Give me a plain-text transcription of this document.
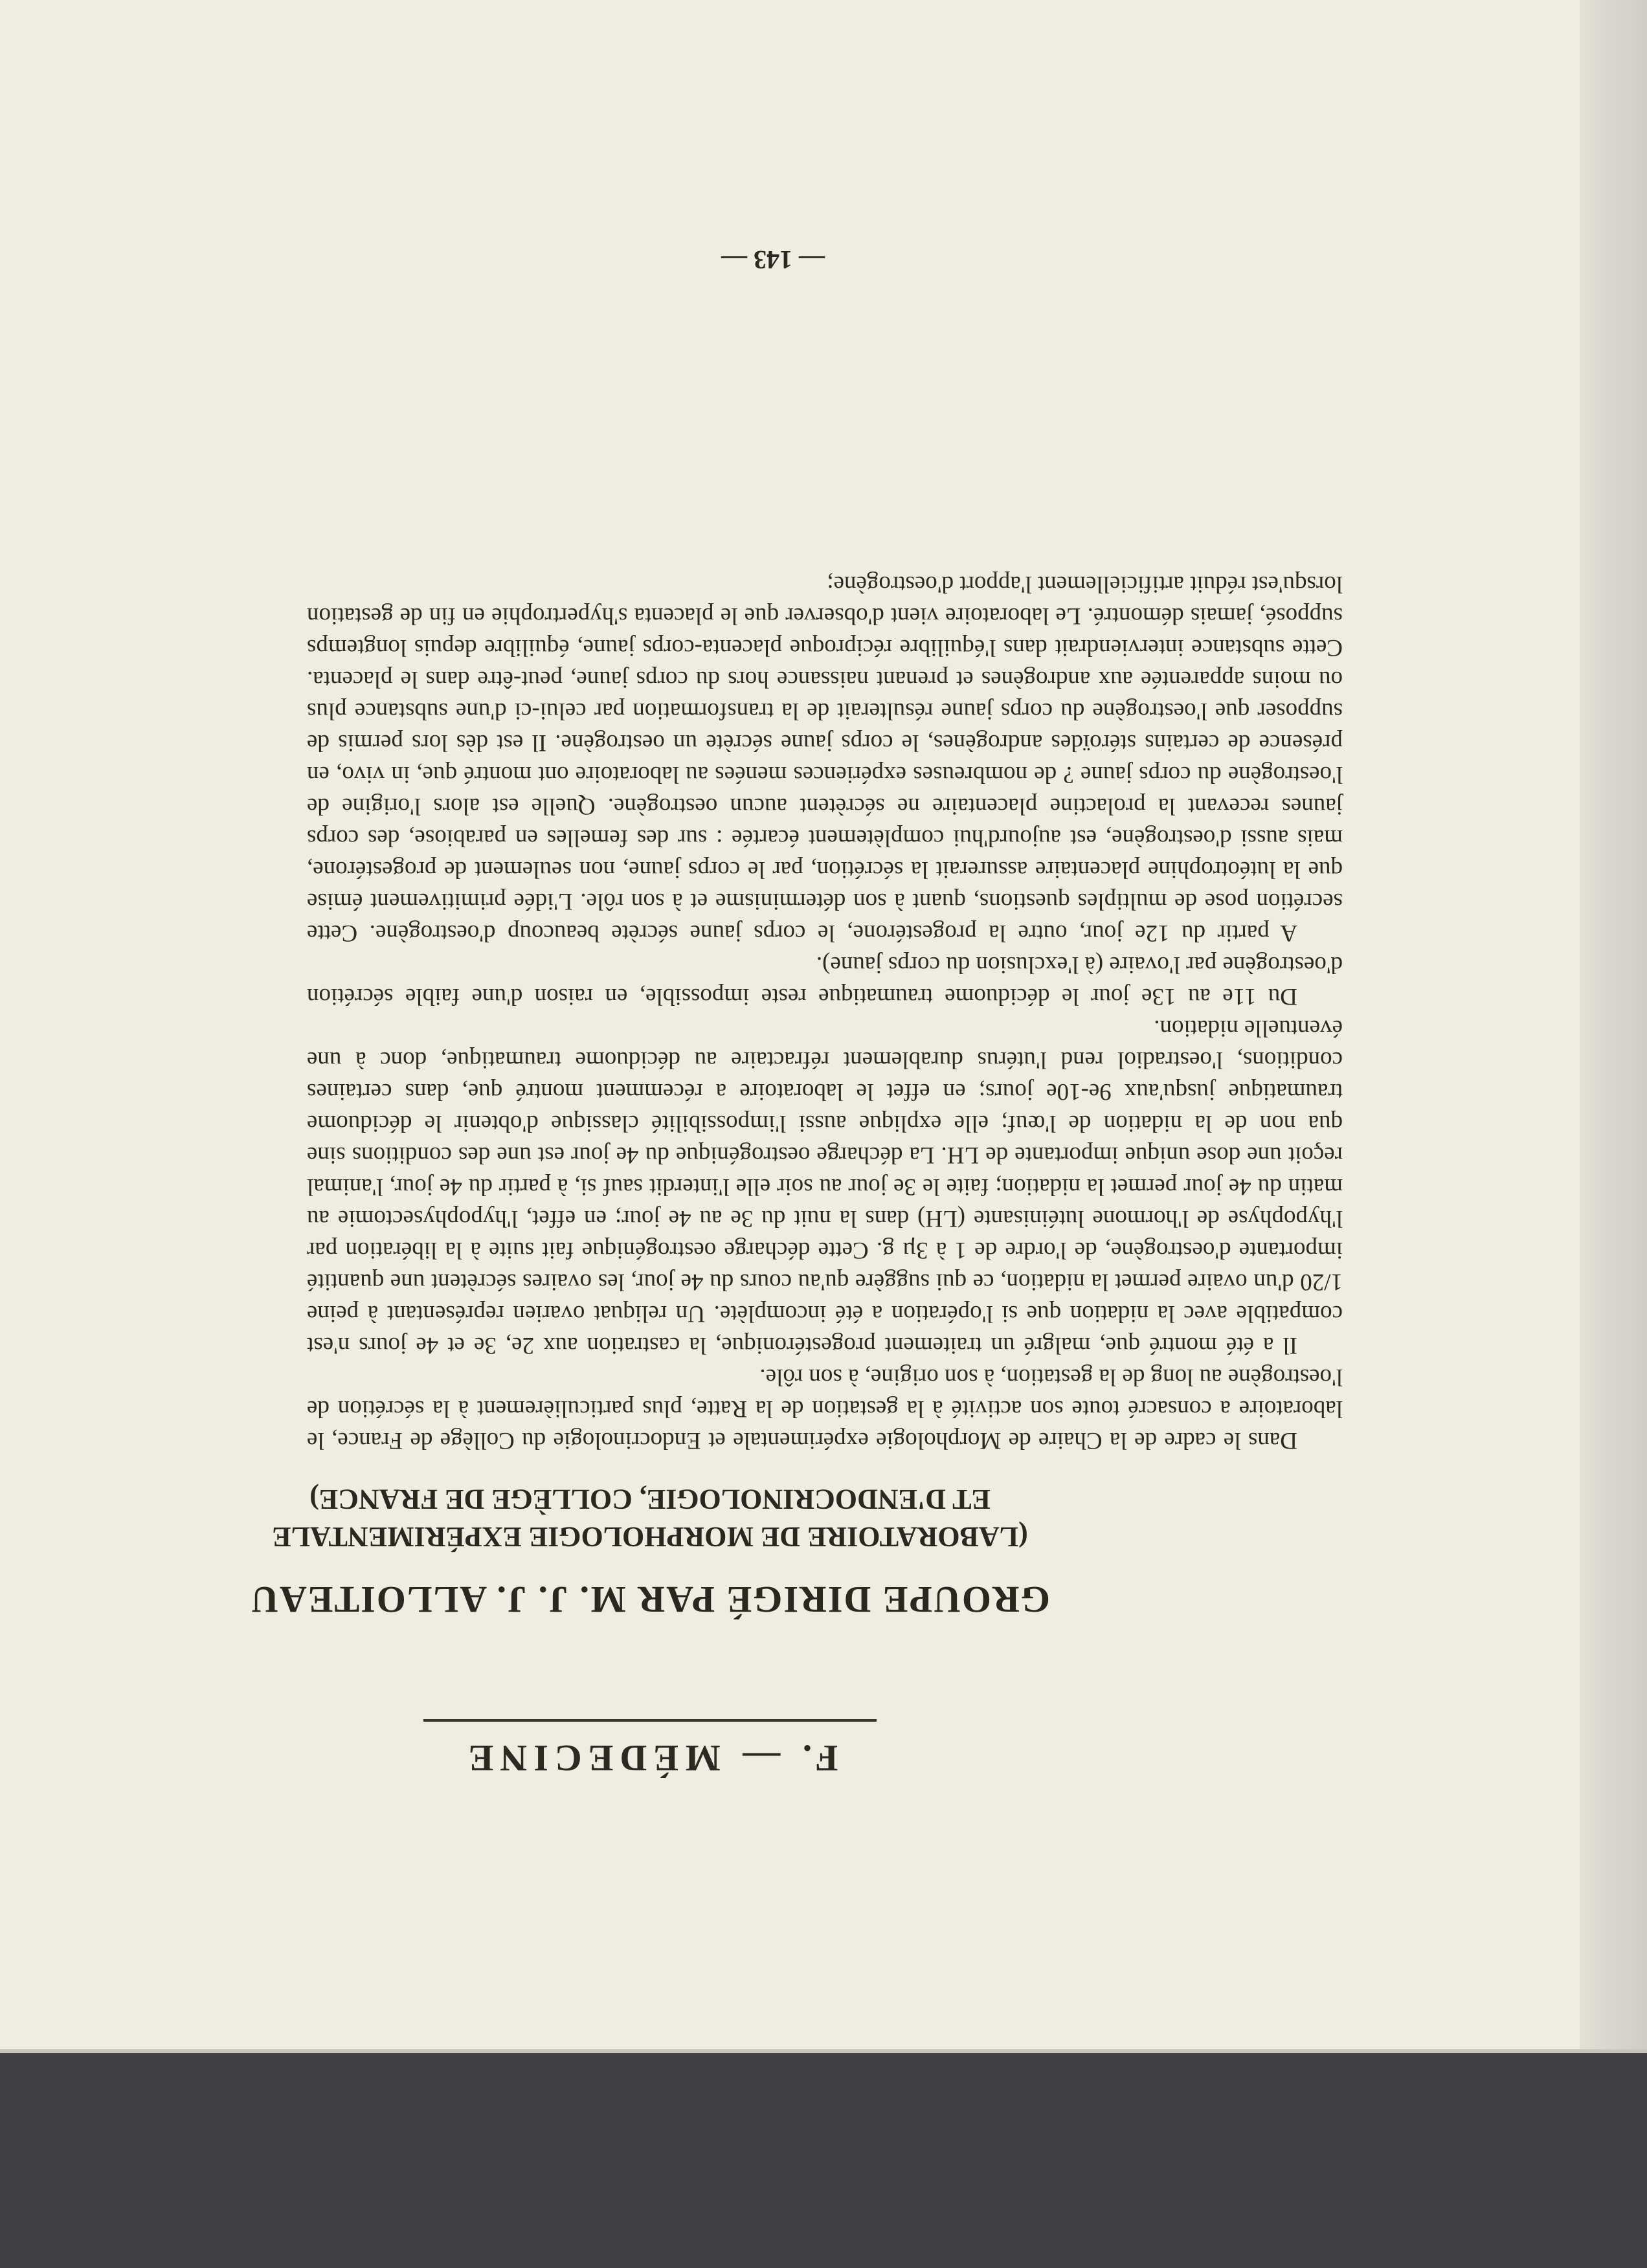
F. — MÉDECINE
GROUPE DIRIGÉ PAR M. J. J. ALLOITEAU
(LABORATOIRE DE MORPHOLOGIE EXPÉRIMENTALE
ET D'ENDOCRINOLOGIE, COLLÈGE DE FRANCE)

Dans le cadre de la Chaire de Morphologie expérimentale et Endocrinologie du Collège de France, le laboratoire a consacré toute son activité à la gestation de la Ratte, plus particulièrement à la sécrétion de l'oestrogène au long de la gestation, à son origine, à son rôle.

Il a été montré que, malgré un traitement progestéronique, la castration aux 2e, 3e et 4e jours n'est compatible avec la nidation que si l'opération a été incomplète. Un reliquat ovarien représentant à peine 1/20 d'un ovaire permet la nidation, ce qui suggère qu'au cours du 4e jour, les ovaires sécrètent une quantité importante d'oestrogène, de l'ordre de 1 à 3µ g. Cette décharge oestrogénique fait suite à la libération par l'hypophyse de l'hormone lutéinisante (LH) dans la nuit du 3e au 4e jour; en effet, l'hypophysectomie au matin du 4e jour permet la nidation; faite le 3e jour au soir elle l'interdit sauf si, à partir du 4e jour, l'animal reçoit une dose unique importante de LH. La décharge oestrogénique du 4e jour est une des conditions sine qua non de la nidation de l'œuf; elle explique aussi l'impossibilité classique d'obtenir le déciduome traumatique jusqu'aux 9e-10e jours; en effet le laboratoire a récemment montré que, dans certaines conditions, l'oestradiol rend l'utérus durablement réfractaire au déciduome traumatique, donc à une éventuelle nidation.

Du 11e au 13e jour le déciduome traumatique reste impossible, en raison d'une faible sécrétion d'oestrogène par l'ovaire (à l'exclusion du corps jaune).

A partir du 12e jour, outre la progestérone, le corps jaune sécrète beaucoup d'oestrogène. Cette secrétion pose de multiples questions, quant à son déterminisme et à son rôle. L'idée primitivement émise que la lutéotrophine placentaire assurerait la sécrétion, par le corps jaune, non seulement de progestérone, mais aussi d'oestrogène, est aujourd'hui complètement écartée : sur des femelles en parabiose, des corps jaunes recevant la prolactine placentaire ne sécrètent aucun oestrogène. Quelle est alors l'origine de l'oestrogène du corps jaune ? de nombreuses expériences menées au laboratoire ont montré que, in vivo, en présence de certains stéroïdes androgènes, le corps jaune sécrète un oestrogène. Il est dès lors permis de supposer que l'oestrogène du corps jaune résulterait de la transformation par celui-ci d'une substance plus ou moins apparentée aux androgènes et prenant naissance hors du corps jaune, peut-être dans le placenta. Cette substance interviendrait dans l'équilibre réciproque placenta-corps jaune, équilibre depuis longtemps supposé, jamais démontré. Le laboratoire vient d'observer que le placenta s'hypertrophie en fin de gestation lorsqu'est réduit artificiellement l'apport d'oestrogène;

— 143 —
